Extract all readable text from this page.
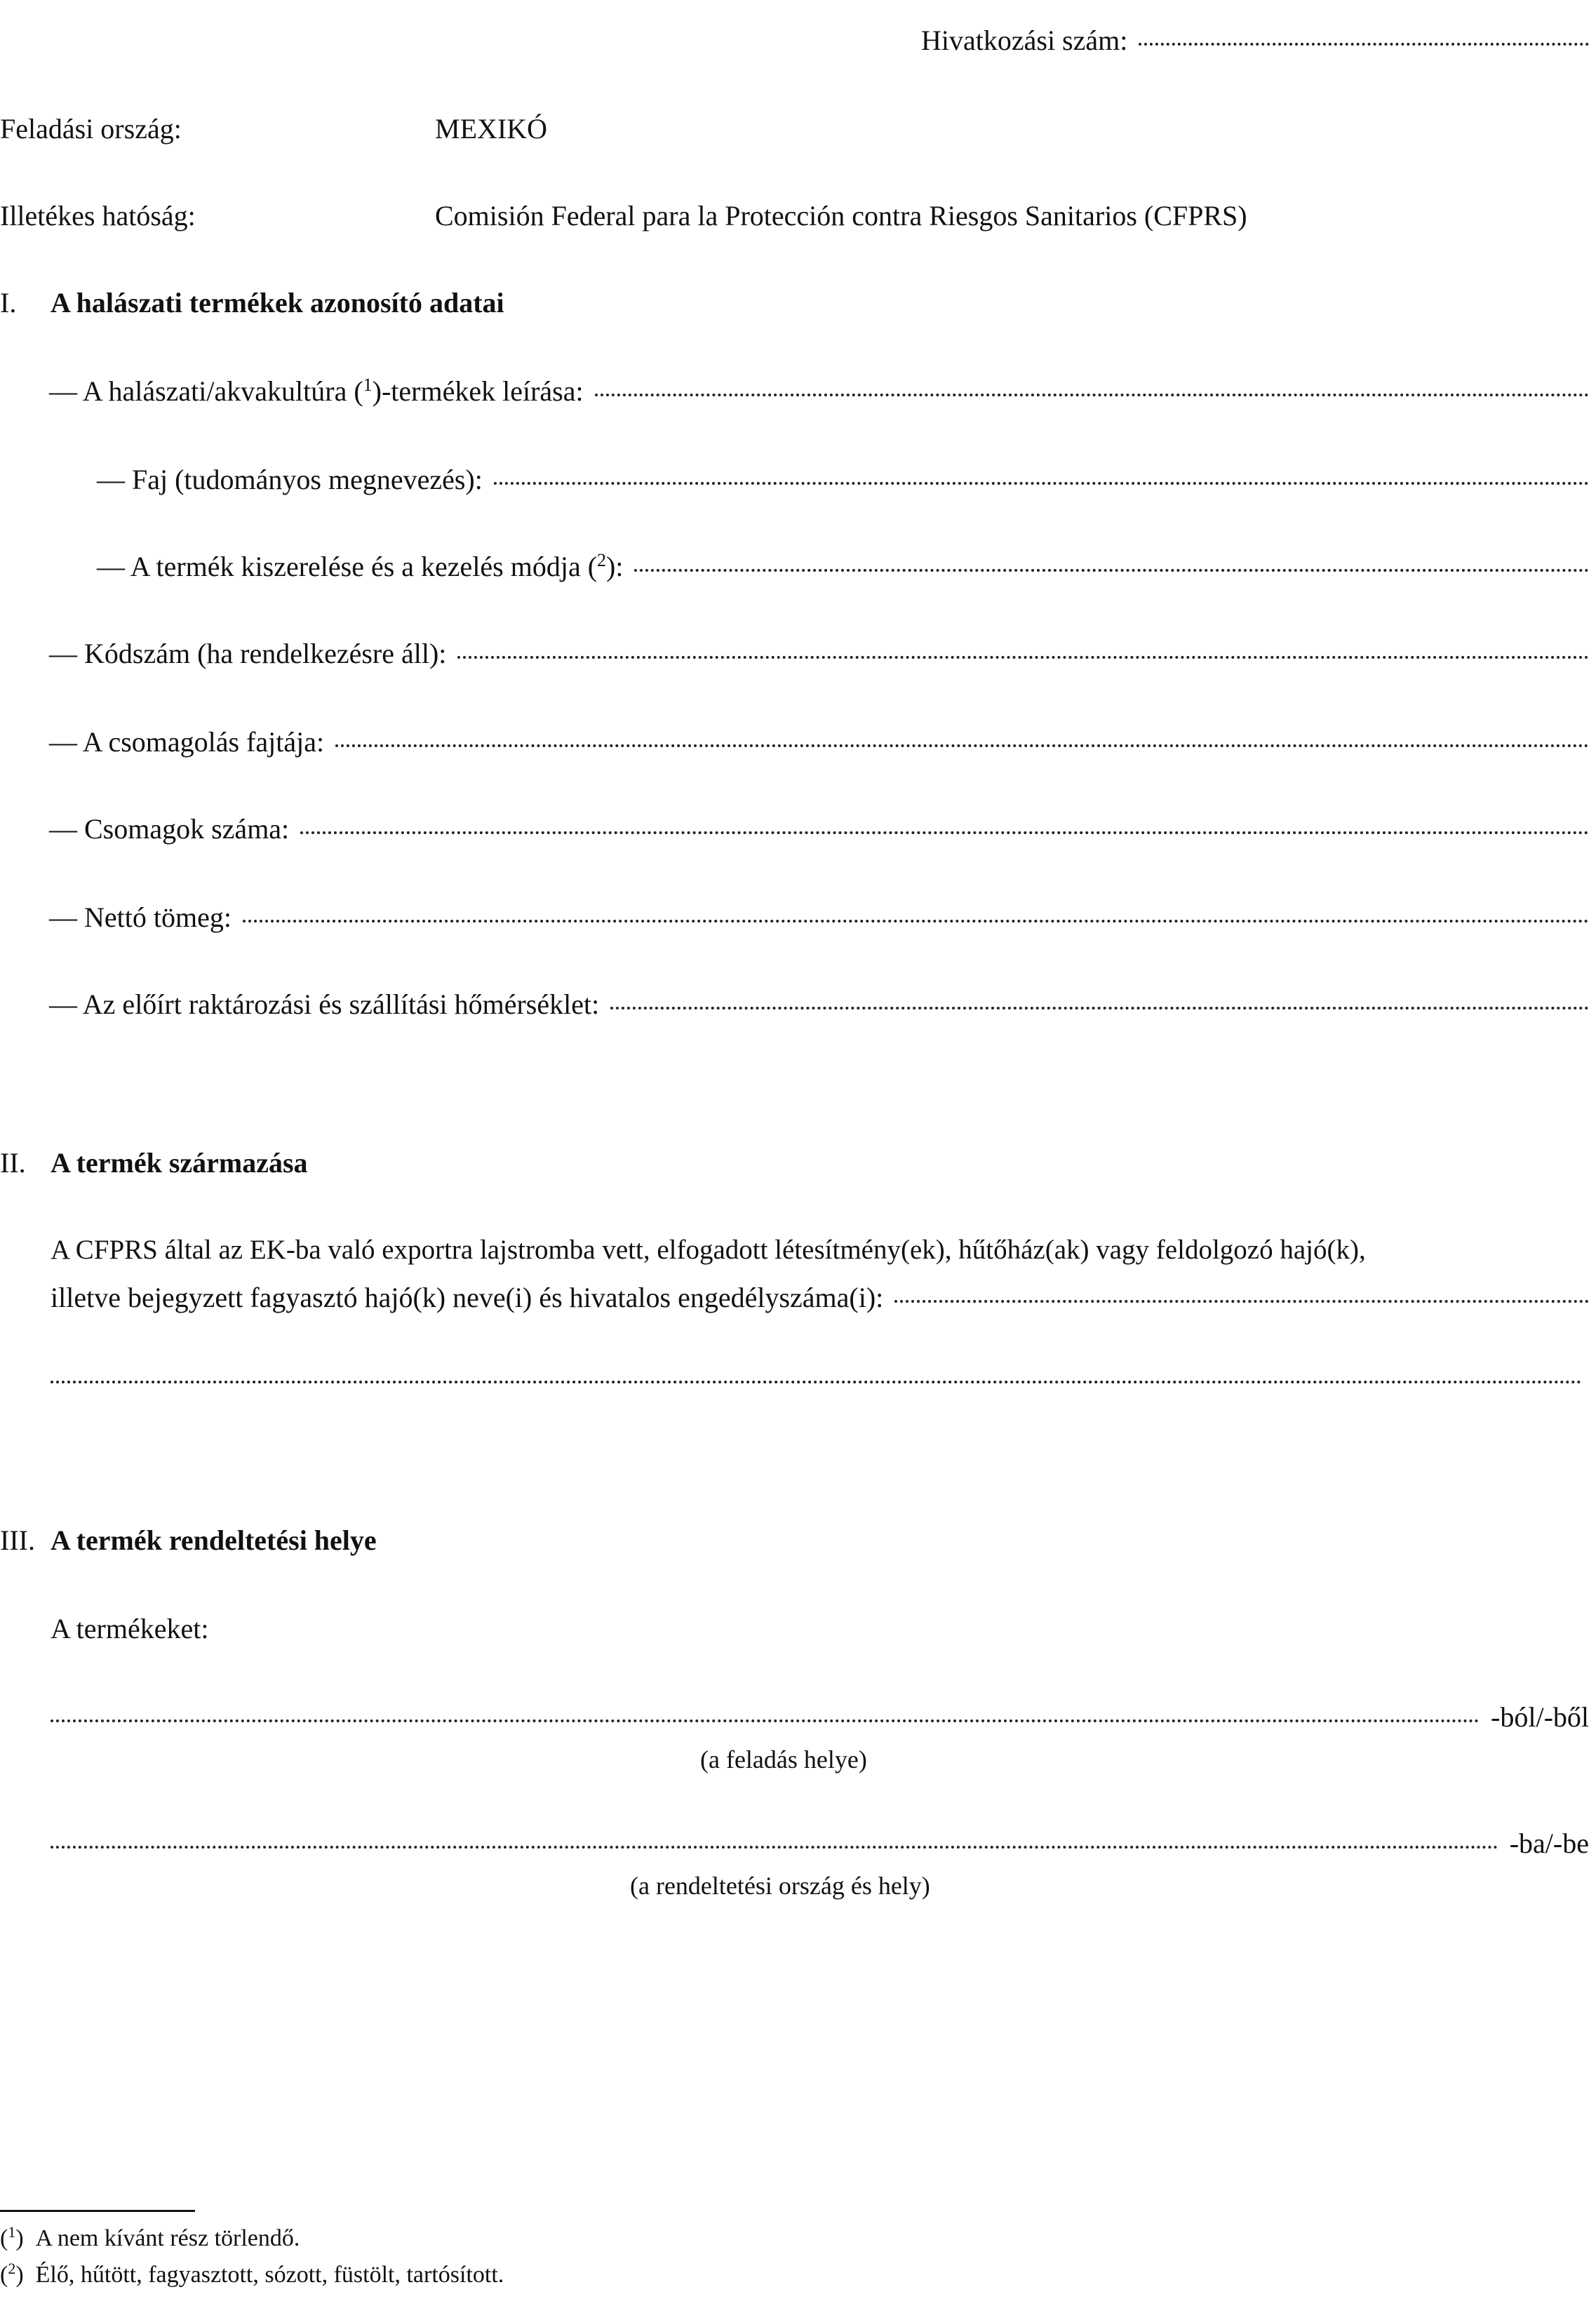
Hivatkozási szám:
Feladási ország:	MEXIKÓ
Illetékes hatóság:	Comisión Federal para la Protección contra Riesgos Sanitarios (CFPRS)
I. A halászati termékek azonosító adatai
— A halászati/akvakultúra ($^1$)-termékek leírása:
— Faj (tudományos megnevezés):
— A termék kiszerelése és a kezelés módja ($^2$):
— Kódszám (ha rendelkezésre áll):
— A csomagolás fajtája:
— Csomagok száma:
— Nettó tömeg:
— Az előírt raktározási és szállítási hőmérséklet:
II. A termék származása
A CFPRS által az EK-ba való exportra lajstromba vett, elfogadott létesítmény(ek), hűtőház(ak) vagy feldolgozó hajó(k),
illetve bejegyzett fagyasztó hajó(k) neve(i) és hivatalos engedélyszáma(i):
III. A termék rendeltetési helye
A termékeket:
-ból/-ből
(a feladás helye)
-ba/-be
(a rendeltetési ország és hely)
($^1$)  A nem kívánt rész törlendő.
($^2$)  Élő, hűtött, fagyasztott, sózott, füstölt, tartósított.
